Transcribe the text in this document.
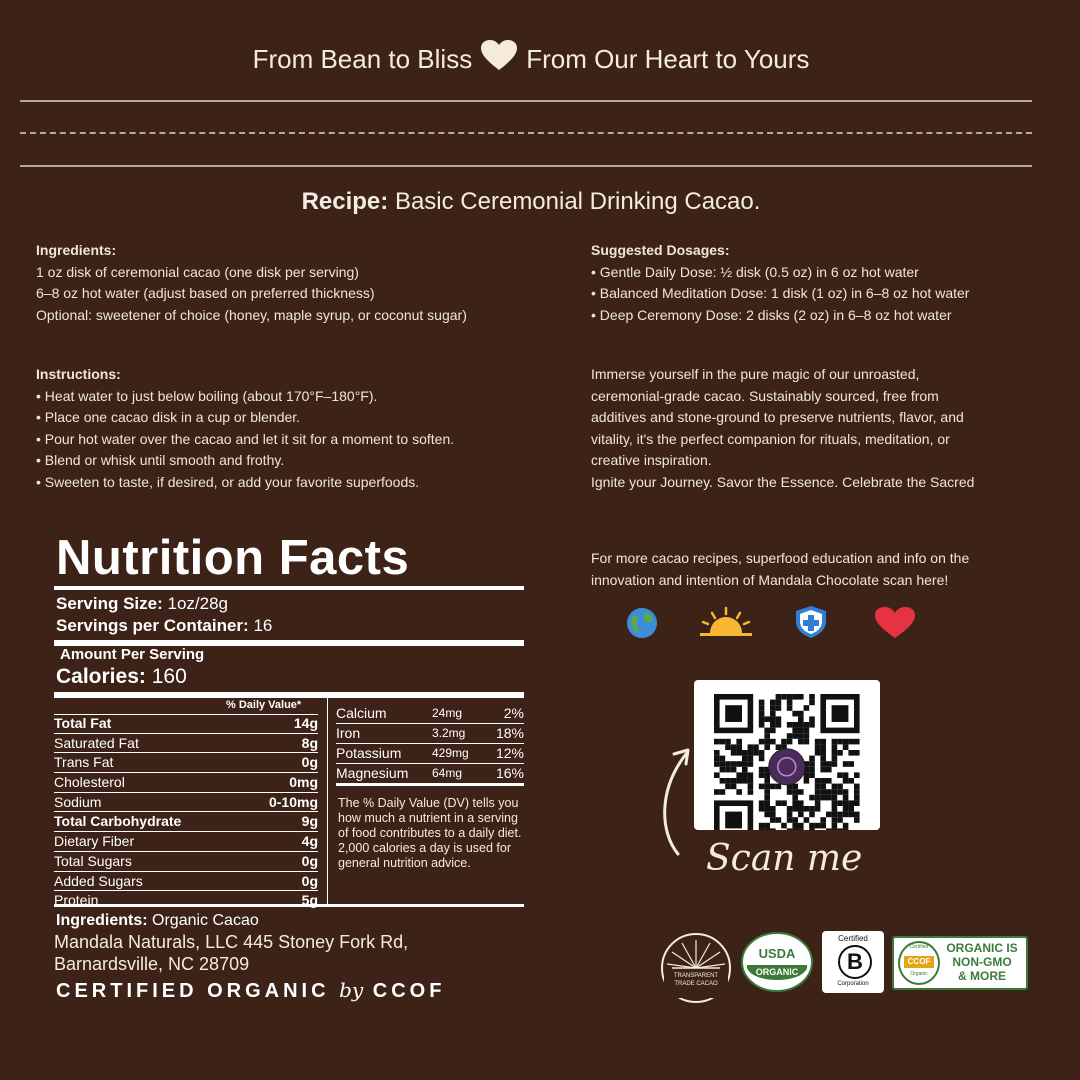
From Bean to Bliss From Our Heart to Yours
Recipe: Basic Ceremonial Drinking Cacao.
Ingredients:
1 oz disk of ceremonial cacao (one disk per serving)
6–8 oz hot water (adjust based on preferred thickness)
Optional: sweetener of choice (honey, maple syrup, or coconut sugar)
Suggested Dosages:
• Gentle Daily Dose: ½ disk (0.5 oz) in 6 oz hot water
• Balanced Meditation Dose: 1 disk (1 oz) in 6–8 oz hot water
• Deep Ceremony Dose: 2 disks (2 oz) in 6–8 oz hot water
Instructions:
• Heat water to just below boiling (about 170°F–180°F).
• Place one cacao disk in a cup or blender.
• Pour hot water over the cacao and let it sit for a moment to soften.
• Blend or whisk until smooth and frothy.
• Sweeten to taste, if desired, or add your favorite superfoods.
Immerse yourself in the pure magic of our unroasted,
ceremonial-grade cacao. Sustainably sourced, free from
additives and stone-ground to preserve nutrients, flavor, and
vitality, it's the perfect companion for rituals, meditation, or
creative inspiration.
Ignite your Journey. Savor the Essence. Celebrate the Sacred
For more cacao recipes, superfood education and info on the
innovation and intention of Mandala Chocolate scan here!
Nutrition Facts
Serving Size: 1oz/28g
Servings per Container: 16
Amount Per Serving
Calories: 160
% Daily Value*
Total Fat	14g
Saturated Fat	8g
Trans Fat	0g
Cholesterol	0mg
Sodium	0-10mg
Total Carbohydrate	9g
Dietary Fiber	4g
Total Sugars	0g
Added Sugars	0g
Protein	5g
Calcium	24mg	2%
Iron	3.2mg	18%
Potassium	429mg	12%
Magnesium	64mg	16%
The % Daily Value (DV) tells you how much a nutrient in a serving of food contributes to a daily diet. 2,000 calories a day is used for general nutrition advice.
Ingredients: Organic Cacao
Mandala Naturals, LLC 445 Stoney Fork Rd,
Barnardsville, NC 28709
CERTIFIED ORGANIC by CCOF
Scan me
TRANSPARENT TRADE CACAO
USDA
ORGANIC
Certified
B
Corporation
Certified
CCOF
Organic
ORGANIC IS
NON-GMO
& MORE
